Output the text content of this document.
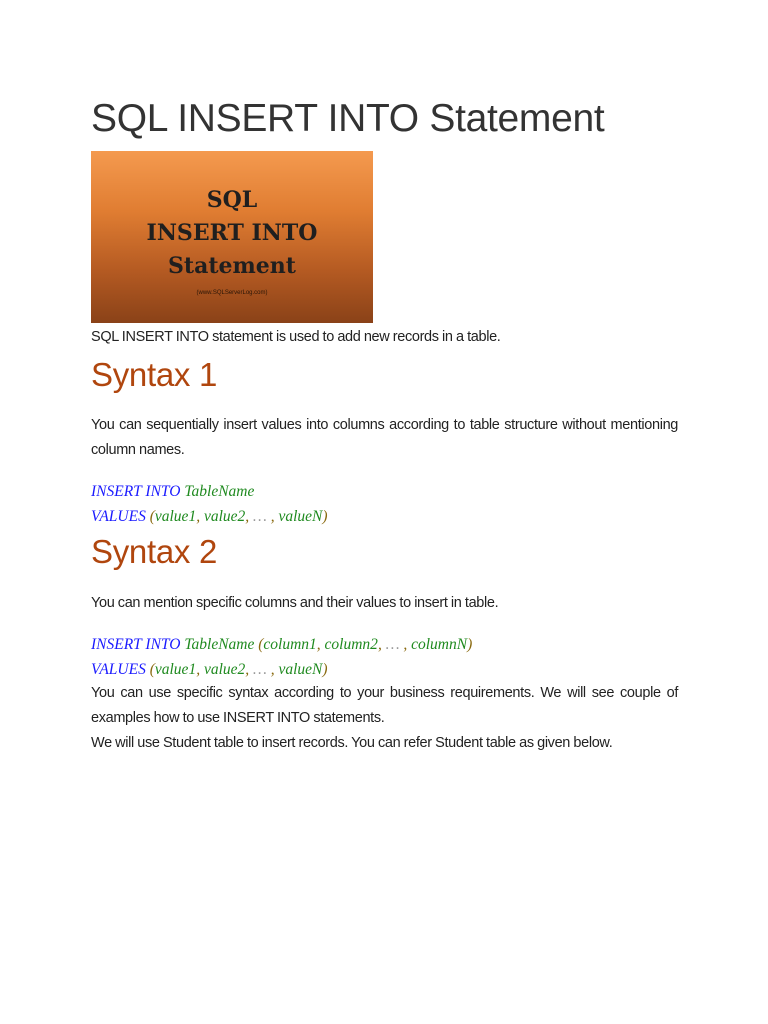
SQL INSERT INTO Statement
SQL
INSERT INTO
Statement
(www.SQLServerLog.com)

SQL INSERT INTO statement is used to add new records in a table.

Syntax 1

You can sequentially insert values into columns according to table structure without mentioning column names.

INSERT INTO TableName
VALUES (value1, value2, … , valueN)
Syntax 2

You can mention specific columns and their values to insert in table.

INSERT INTO TableName (column1, column2, … , columnN)
VALUES (value1, value2, … , valueN)

You can use specific syntax according to your business requirements. We will see couple of examples how to use INSERT INTO statements.

We will use Student table to insert records. You can refer Student table as given below.
